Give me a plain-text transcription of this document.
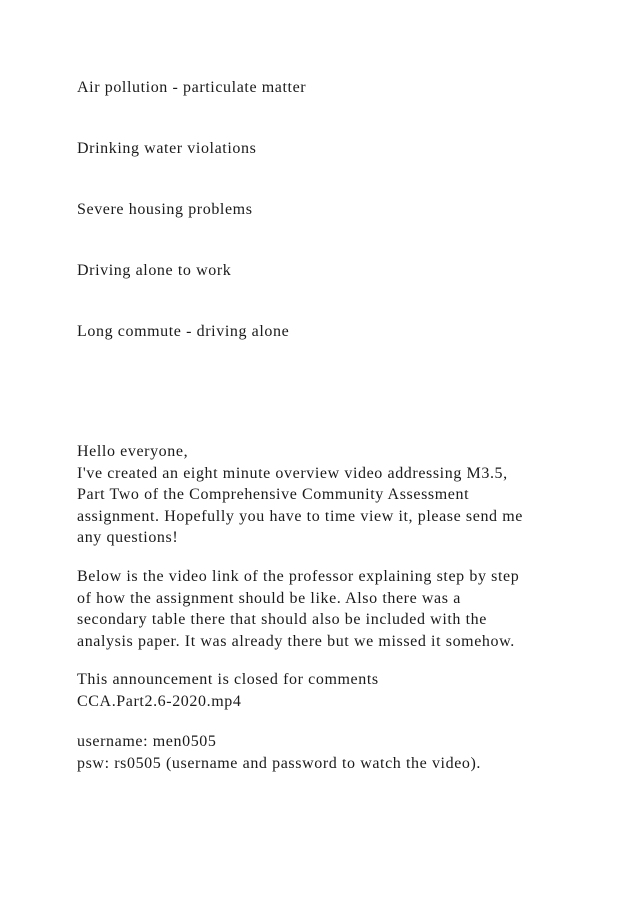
Air pollution - particulate matter

Drinking water violations

Severe housing problems

Driving alone to work

Long commute - driving alone

Hello everyone,
I've created an eight minute overview video addressing M3.5,
Part Two of the Comprehensive Community Assessment
assignment. Hopefully you have to time view it, please send me
any questions!

Below is the video link of the professor explaining step by step
of how the assignment should be like. Also there was a
secondary table there that should also be included with the
analysis paper. It was already there but we missed it somehow.

This announcement is closed for comments
CCA.Part2.6-2020.mp4

username: men0505
psw: rs0505 (username and password to watch the video).
